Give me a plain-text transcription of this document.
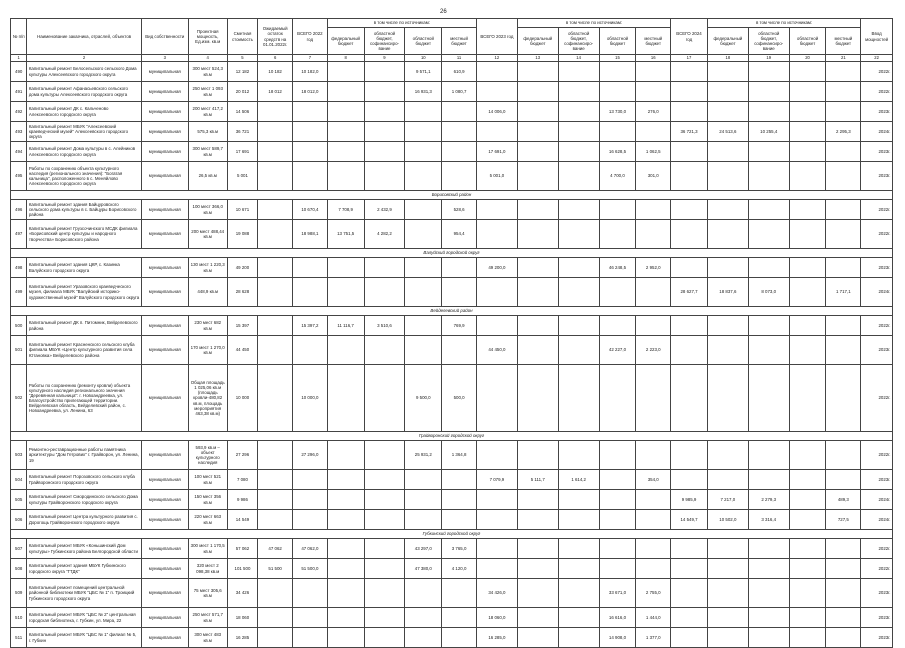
26
№ п/п	Наименование заказчика, отраслей, объектов	Вид собственности	Проектная мощность, Ед.изм. кв.м	Сметная стоимость	Ожидаемый остаток средств на 01.01.2022г.	ВСЕГО 2022 год	в том числе по источникам:				ВСЕГО 2023 год	в том числе по источникам:				ВСЕГО 2024 год	в том числе по источникам:				Ввод мощностей
							федеральный бюджет	областной бюджет, софинансиро-вание	областной бюджет	местный бюджет		федеральный бюджет	областной бюджет, софинансиро-вание	областной бюджет	местный бюджет		федеральный бюджет	областной бюджет, софинансиро-вание	областной бюджет	местный бюджет	
1	2	3	4	5	6	7	8	9	10	11	12	13	14	15	16	17	18	19	20	21	22
490	Капитальный ремонт Белосельского сельского Дома культуры Алексеевского городского округа	муниципальная	300 мест 524,3 кв.м	12 182	10 182	10 182,0			9 571,1	610,9											2022г.
491	Капитальный ремонт Афанасьевского сельского дома культуры Алексеевского городского округа	муниципальная	250 мест 1 093 кв.м	20 012	18 012	18 012,0			16 931,3	1 080,7											2022г.
492	Капитальный ремонт ДК с. Кальченово Алексеевского городского округа	муниципальная	200 мест 417,2 кв.м	14 506							14 006,0			13 730,0	276,0						2023г.
493	Капитальный ремонт МБУК "Алексеевский краеведческий музей" Алексеевского городского округа	муниципальная	575,3 кв.м	36 721												36 721,3	24 513,6	10 255,4		2 295,3	2024г.
494	Капитальный ремонт Дома культуры в с. Алейников Алексеевского городского округа	муниципальная	300 мест 589,7 кв.м	17 691							17 691,0			16 628,5	1 062,5						2023г.
495	Работы по сохранению объекта культурного наследия (регионального значения): "Богатая кальница", расположенного в с. Меняйлово Алексеевского городского округа	муниципальная	26,5 кв.м	5 001							5 001,0			4 700,0	301,0						2023г.
Борисовский район																					
496	Капитальный ремонт здания Байцуровского сельского дома культуры в с. Байцуры Борисовского района	муниципальная	100 мест 366,0 кв.м	10 671		10 670,4	7 708,9	2 432,9		528,6											2022г.
497	Капитальный ремонт Грузсочинского МСДК филиала «Борисовский центр культуры и народного творчества» Борисовского района	муниципальная	200 мест 488,44 кв.м	19 088		18 988,1	13 751,5	4 282,2		954,4											2022г.
Валуйский городской округ																					
498	Капитальный ремонт здания ЦКР, с. Казинка Валуйского городского округа	муниципальная	130 мест 1 220,3 кв.м	49 200							49 200,0			46 248,5	2 952,0						2023г.
499	Капитальный ремонт Уразовского краеведческого музея, филиала МБУК "Валуйский историко-художественный музей" Валуйского городского округа	муниципальная	448,9 кв.м	28 628												28 627,7	18 837,6	8 073,0		1 717,1	2024г.
Вейделевский район																					
500	Капитальный ремонт ДК п. Питомник, Вейделевского района	муниципальная	230 мест 682 кв.м	15 397		15 397,2	11 116,7	3 510,6		769,9											2022г.
501	Капитальный ремонт Красненского сельского клуба филиала МБУК «Центр культурного развития села Ютановка» Вейделевского района	муниципальная	170 мест 1 270,0 кв.м	44 450							44 450,0			42 227,0	2 223,0						2023г.
502	Работы по сохранению (ремонту кровли) объекта культурного наследия регионального значения "Деревянная кальница": г. Новоандреевка, ул. Благоустройство прилегающей территории. Вейделевская область, Вейделевский район, с. Новоандреевка, ул. Ленина, 63	муниципальная	Общая площадь 1 025,06 кв.м (площадь кровли-480,82 кв.м, площадь мероприятия 463,38 кв.м)	10 000		10 000,0			9 500,0	500,0											2022г.
Грайворонский городской округ																					
503	Ремонтно-реставрационные работы памятника архитектуры "Дом Гетрових" г. Грайворон, ул. Ленина, 19	муниципальная	593,9 кв.м – объект культурного наследия	27 296		27 296,0			25 931,2	1 364,8											2022г.
504	Капитальный ремонт Порозовского сельского клуба Грайворонского городского округа	муниципальная	100 мест 521 кв.м	7 080							7 079,9	5 111,7	1 614,2		354,0						2023г.
505	Капитальный ремонт Смородинского сельского Дома культуры Грайворонского городского округа	муниципальная	150 мест 356 кв.м	9 986												9 985,9	7 217,0	2 279,3		489,3	2024г.
506	Капитальный ремонт Центра культурного развития с. Дорогощь Грайворонского городского округа	муниципальная	220 мест 663 кв.м	14 549												14 549,7	10 502,0	3 316,4		727,5	2024г.
Губкинский городской округ																					
507	Капитальный ремонт МБУК «Коньшинский Дом культуры» Губкинского района Белгородской области	муниципальная	300 мест 1 170,5 кв.м	57 062	47 062	47 062,0			43 297,0	3 765,0											2022г.
508	Капитальный ремонт здания МБУК Губкинского городского округа "ГТДК"	муниципальная	320 мест 2 098,38 кв.м	101 500	51 500	51 500,0			47 380,0	4 120,0											2022г.
509	Капитальный ремонт помещений центральной районной библиотеки МБУК "ЦБС № 1" п. Троицкий Губкинского городского округа	муниципальная	75 мест 305,6 кв.м	34 426							34 426,0			33 671,0	2 755,0						2023г.
510	Капитальный ремонт МБУК "ЦБС № 2" центральная городская библиотека, г. Губкин, ул. Мира, 22	муниципальная	250 мест 571,7 кв.м	18 060							18 060,0			16 616,0	1 444,0						2023г.
511	Капитальный ремонт МБУК "ЦБС № 1" филиал № 5, г. Губкин	муниципальная	300 мест 483 кв.м	16 285							16 285,0			14 908,0	1 377,0						2023г.
